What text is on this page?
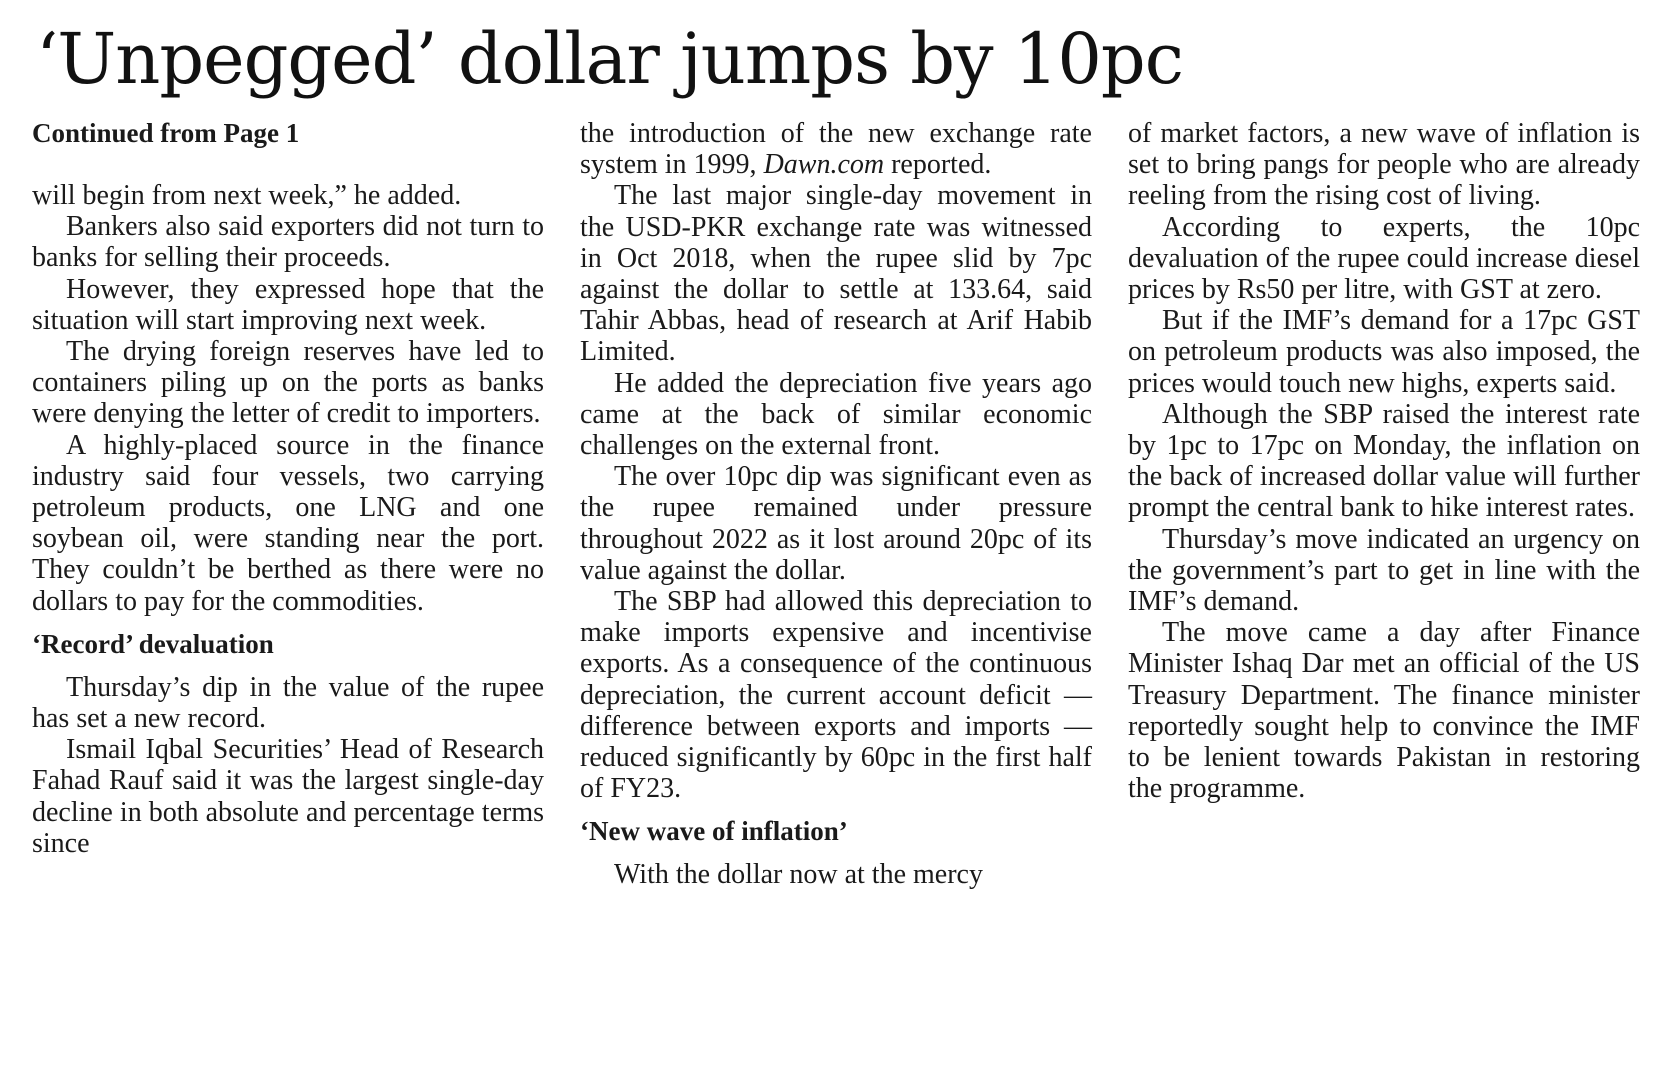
‘Unpegged’ dollar jumps by 10pc
Continued from Page 1

will begin from next week,” he added.

Bankers also said exporters did not turn to banks for selling their proceeds.

However, they expressed hope that the situation will start improving next week.

The drying foreign reserves have led to containers piling up on the ports as banks were denying the letter of credit to importers.

A highly-placed source in the finance industry said four vessels, two carrying petroleum products, one LNG and one soybean oil, were standing near the port. They couldn’t be berthed as there were no dollars to pay for the commodities.

‘Record’ devaluation

Thursday’s dip in the value of the rupee has set a new record.

Ismail Iqbal Securities’ Head of Research Fahad Rauf said it was the largest single-day decline in both absolute and percentage terms since

the introduction of the new exchange rate system in 1999, Dawn.com reported.

The last major single-day movement in the USD-PKR exchange rate was witnessed in Oct 2018, when the rupee slid by 7pc against the dollar to settle at 133.64, said Tahir Abbas, head of research at Arif Habib Limited.

He added the depreciation five years ago came at the back of similar economic challenges on the external front.

The over 10pc dip was significant even as the rupee remained under pressure throughout 2022 as it lost around 20pc of its value against the dollar.

The SBP had allowed this depreciation to make imports expensive and incentivise exports. As a consequence of the continuous depreciation, the current account deficit — difference between exports and imports — reduced significantly by 60pc in the first half of FY23.

‘New wave of inflation’

With the dollar now at the mercy

of market factors, a new wave of inflation is set to bring pangs for people who are already reeling from the rising cost of living.

According to experts, the 10pc devaluation of the rupee could increase diesel prices by Rs50 per litre, with GST at zero.

But if the IMF’s demand for a 17pc GST on petroleum products was also imposed, the prices would touch new highs, experts said.

Although the SBP raised the interest rate by 1pc to 17pc on Monday, the inflation on the back of increased dollar value will further prompt the central bank to hike interest rates.

Thursday’s move indicated an urgency on the government’s part to get in line with the IMF’s demand.

The move came a day after Finance Minister Ishaq Dar met an official of the US Treasury Department. The finance minister reportedly sought help to convince the IMF to be lenient towards Pakistan in restoring the programme.
